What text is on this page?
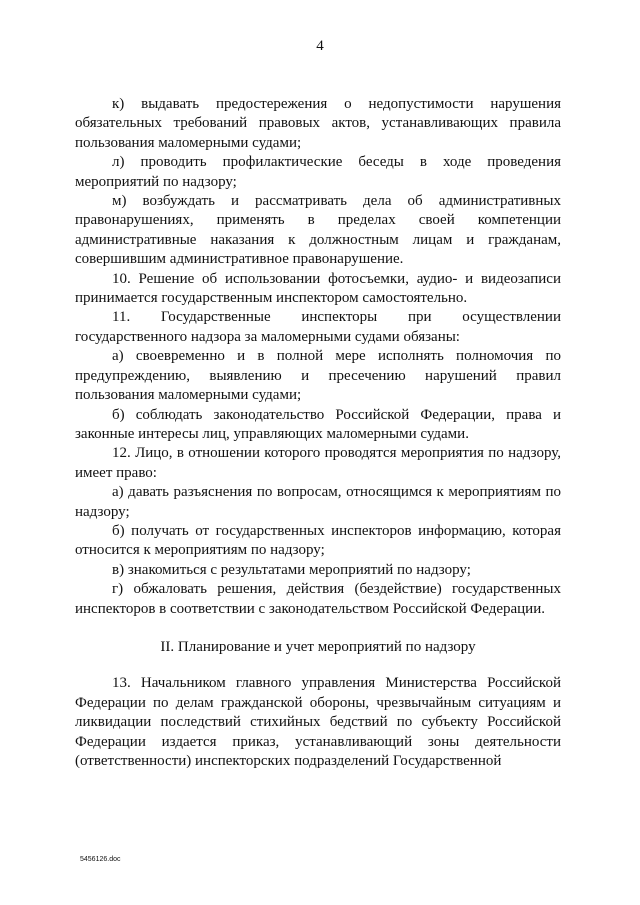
4

к) выдавать предостережения о недопустимости нарушения обязательных требований правовых актов, устанавливающих правила пользования маломерными судами;

л) проводить профилактические беседы в ходе проведения мероприятий по надзору;

м) возбуждать и рассматривать дела об административных правонарушениях, применять в пределах своей компетенции административные наказания к должностным лицам и гражданам, совершившим административное правонарушение.

10. Решение об использовании фотосъемки, аудио- и видеозаписи принимается государственным инспектором самостоятельно.

11. Государственные инспекторы при осуществлении государственного надзора за маломерными судами обязаны:

а) своевременно и в полной мере исполнять полномочия по предупреждению, выявлению и пресечению нарушений правил пользования маломерными судами;

б) соблюдать законодательство Российской Федерации, права и законные интересы лиц, управляющих маломерными судами.

12. Лицо, в отношении которого проводятся мероприятия по надзору, имеет право:

а) давать разъяснения по вопросам, относящимся к мероприятиям по надзору;

б) получать от государственных инспекторов информацию, которая относится к мероприятиям по надзору;

в) знакомиться с результатами мероприятий по надзору;

г) обжаловать решения, действия (бездействие) государственных инспекторов в соответствии с законодательством Российской Федерации.

II. Планирование и учет мероприятий по надзору

13. Начальником главного управления Министерства Российской Федерации по делам гражданской обороны, чрезвычайным ситуациям и ликвидации последствий стихийных бедствий по субъекту Российской Федерации издается приказ, устанавливающий зоны деятельности (ответственности) инспекторских подразделений Государственной

5456126.doc
